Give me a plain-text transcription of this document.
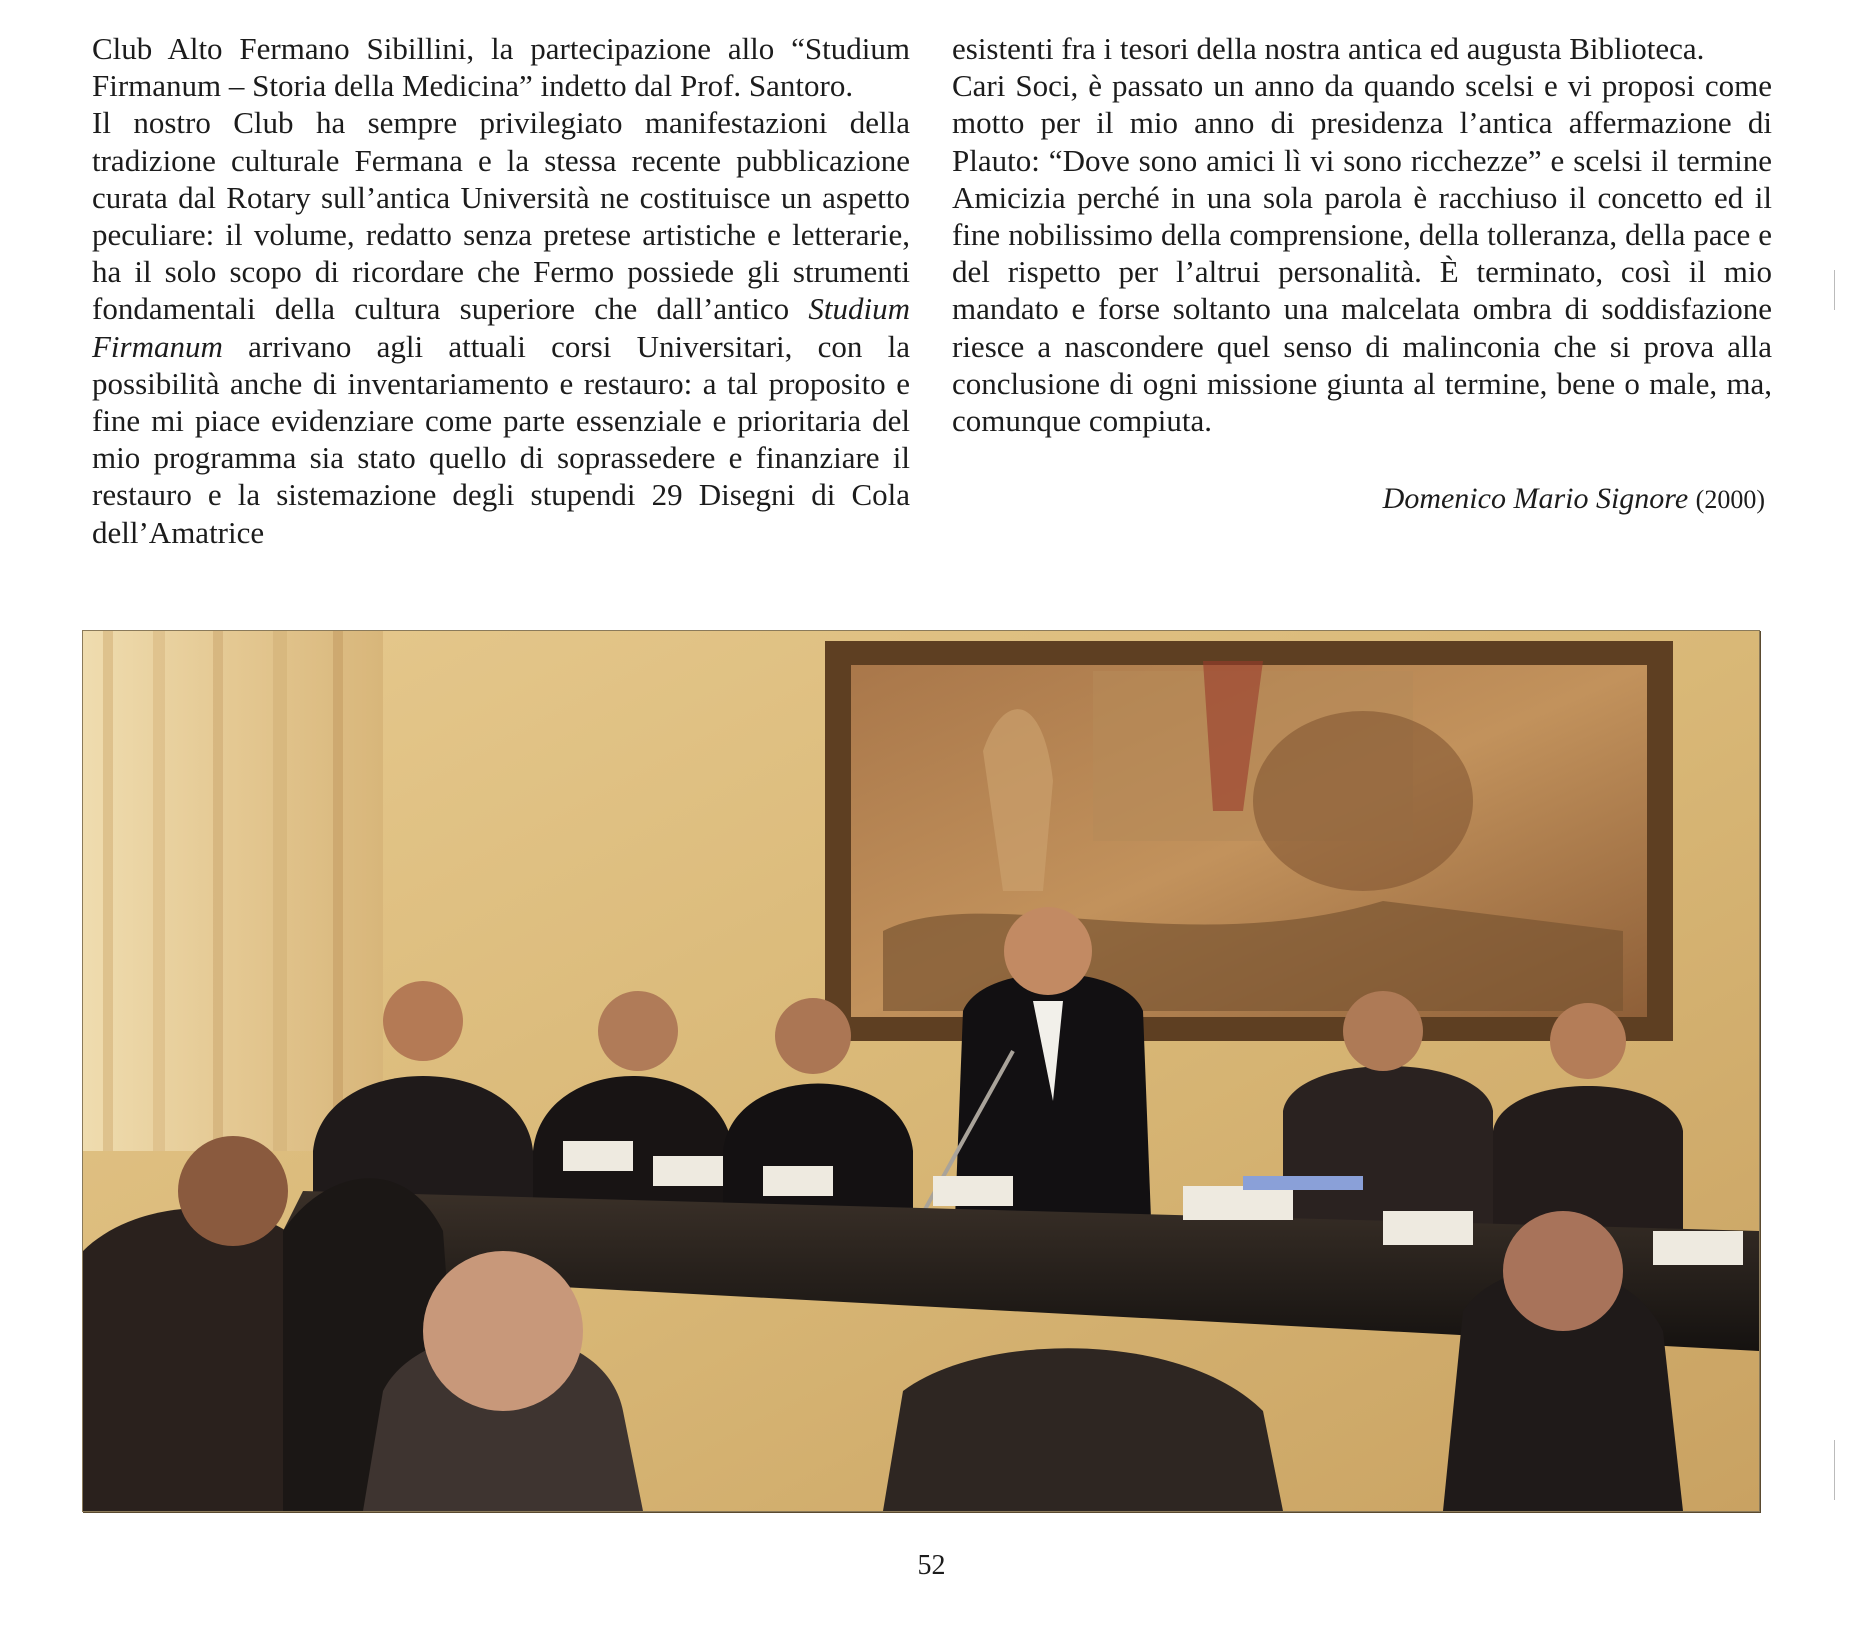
Club Alto Fermano Sibillini, la partecipazione allo “Studium Firmanum – Storia della Medicina” indetto dal Prof. Santoro.

Il nostro Club ha sempre privilegiato manifestazioni della tradizione culturale Fermana e la stessa recente pubblicazione curata dal Rotary sull’antica Università ne costituisce un aspetto peculiare: il volume, redatto senza pretese artistiche e letterarie, ha il solo scopo di ricordare che Fermo possiede gli strumenti fondamentali della cultura superiore che dall’antico Studium Firmanum arrivano agli attuali corsi Universitari, con la possibilità anche di inventariamento e restauro: a tal proposito e fine mi piace evidenziare come parte essenziale e prioritaria del mio programma sia stato quello di soprassedere e finanziare il restauro e la sistemazione degli stupendi 29 Disegni di Cola dell’Amatrice

esistenti fra i tesori della nostra antica ed augusta Biblioteca.

Cari Soci, è passato un anno da quando scelsi e vi proposi come motto per il mio anno di presidenza l’antica affermazione di Plauto: “Dove sono amici lì vi sono ricchezze” e scelsi il termine Amicizia perché in una sola parola è racchiuso il concetto ed il fine nobilissimo della comprensione, della tolleranza, della pace e del rispetto per l’altrui personalità. È terminato, così il mio mandato e forse soltanto una malcelata ombra di soddisfazione riesce a nascondere quel senso di malinconia che si prova alla conclusione di ogni missione giunta al termine, bene o male, ma, comunque compiuta.

Domenico Mario Signore (2000)
52
